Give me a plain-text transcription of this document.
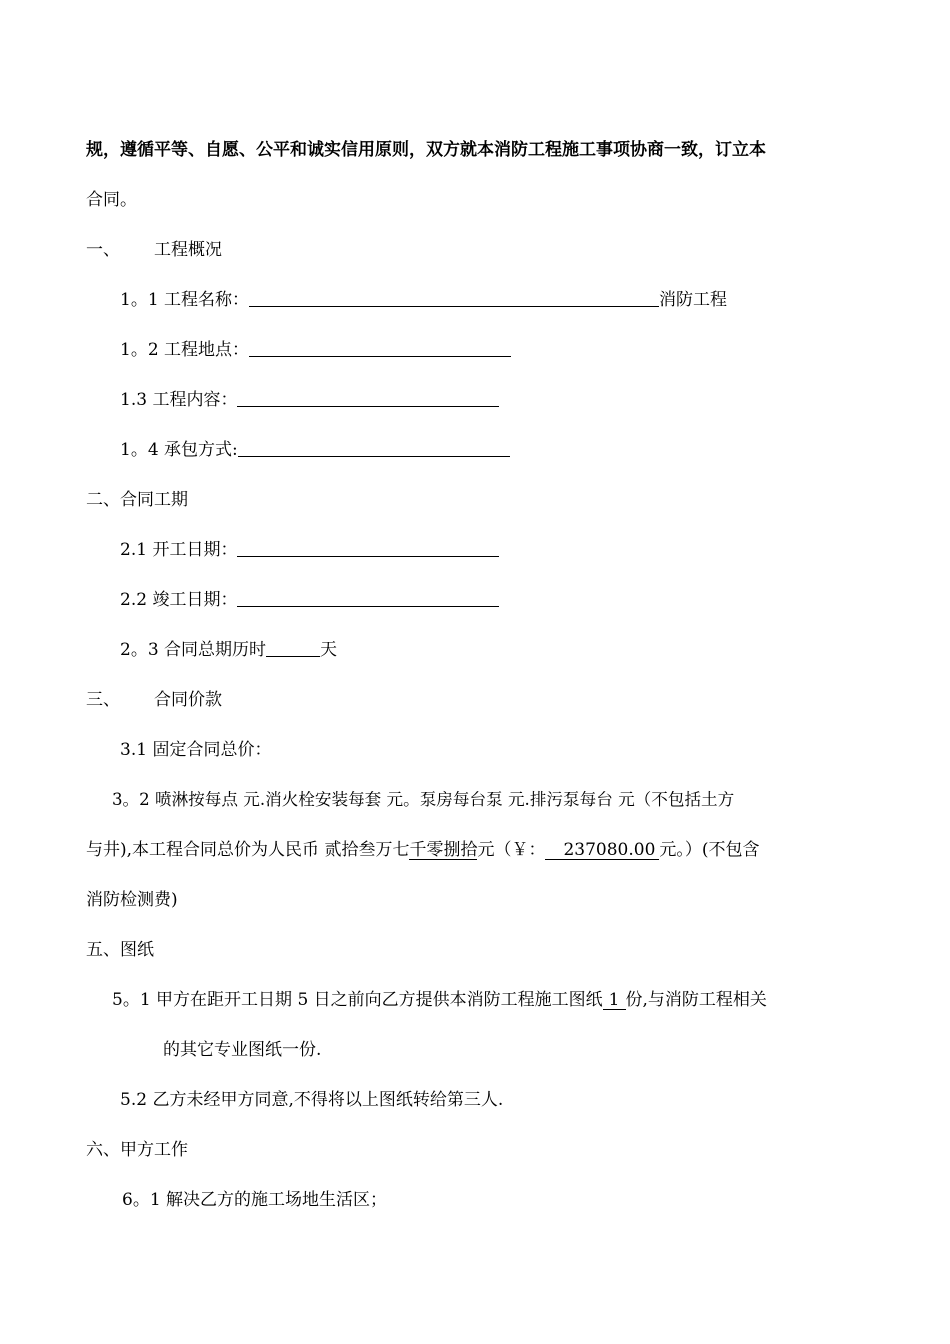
规，遵循平等、自愿、公平和诚实信用原则，双方就本消防工程施工事项协商一致，订立本
合同。
一、 工程概况
1。1 工程名称：	消防工程
1。2 工程地点：
1.3 工程内容：
1。4 承包方式:
二、合同工期
2.1 开工日期：
2.2 竣工日期：
2。3 合同总期历时	天
三、 合同价款
3.1 固定合同总价：
3。2 喷淋按每点 元.消火栓安装每套 元。泵房每台泵 元.排污泵每台 元（不包括土方
与井),本工程合同总价为人民币 贰拾叁万七千零捌拾元（￥： 237080.00 元。）(不包含
消防检测费)
五、图纸
5。1 甲方在距开工日期 5 日之前向乙方提供本消防工程施工图纸 1 份,与消防工程相关
的其它专业图纸一份.
5.2 乙方未经甲方同意,不得将以上图纸转给第三人.
六、甲方工作
6。1 解决乙方的施工场地生活区；
